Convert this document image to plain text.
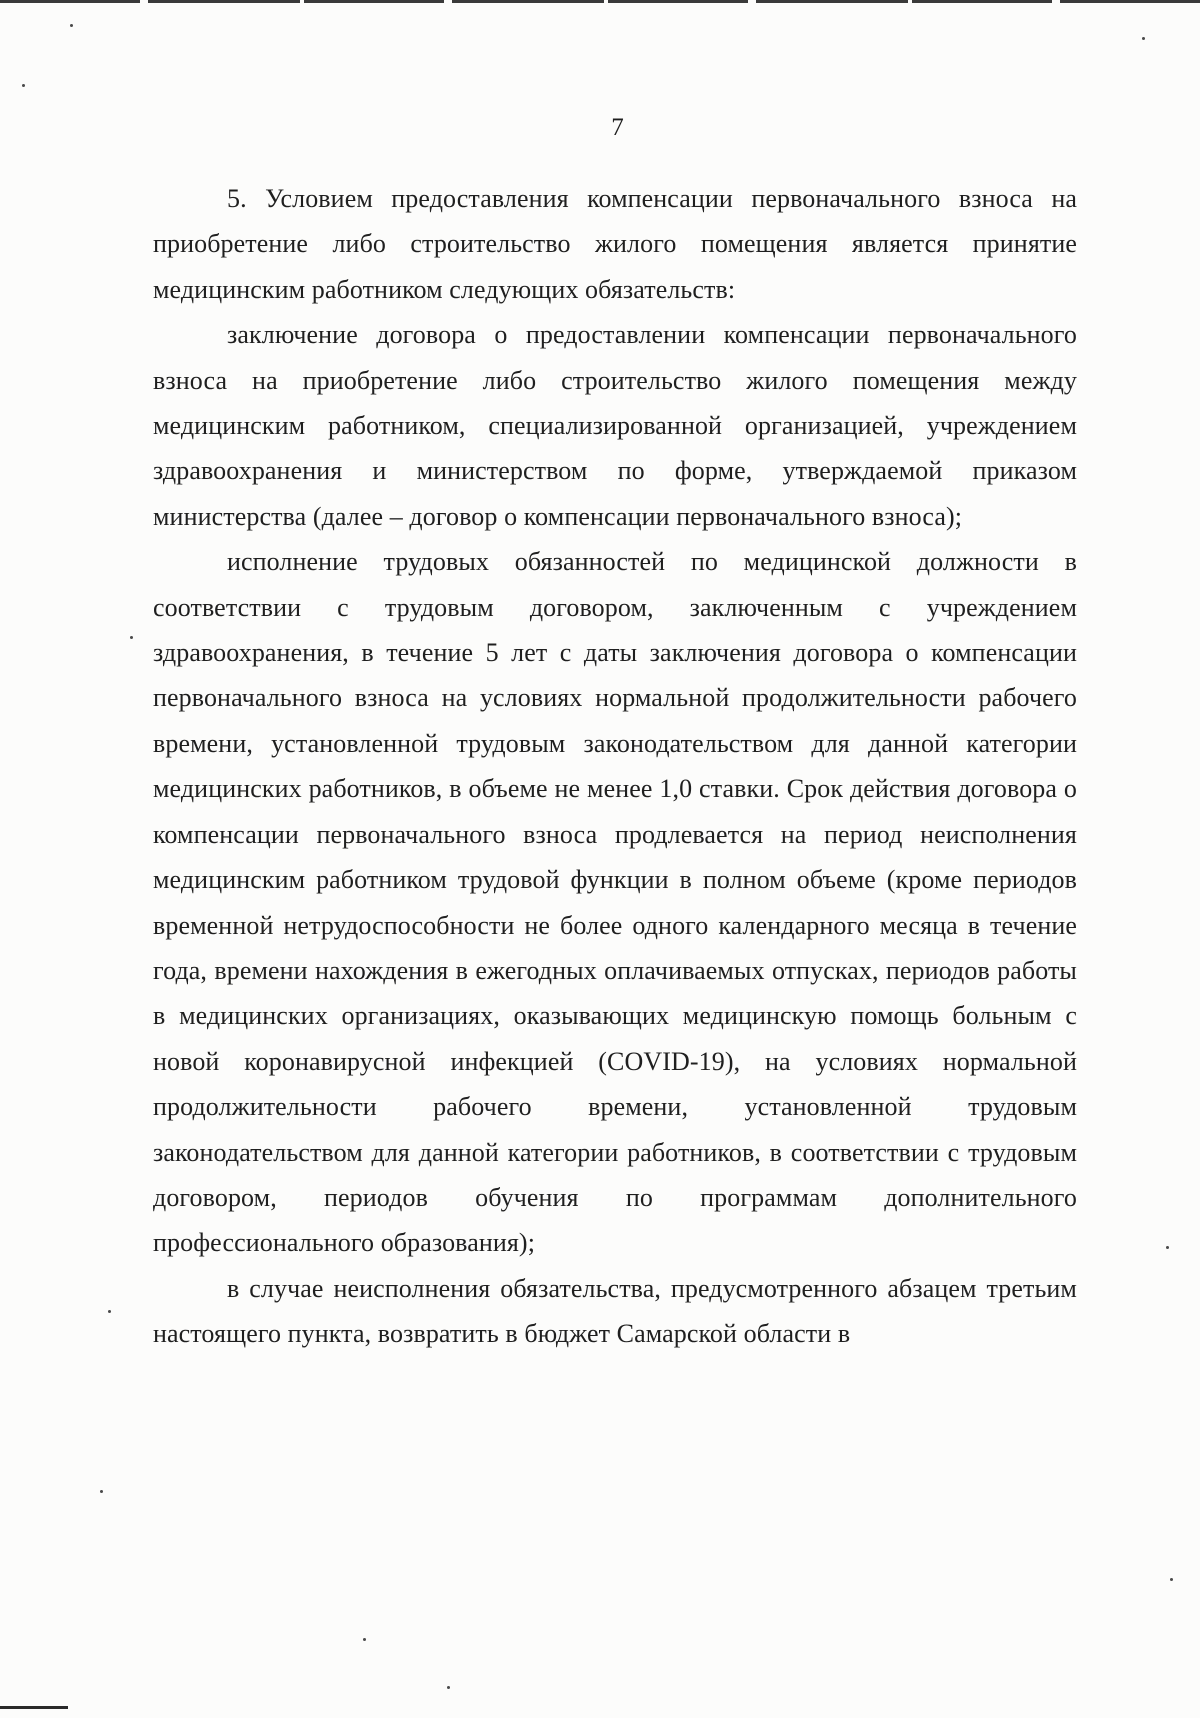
7

5. Условием предоставления компенсации первоначального взноса на приобретение либо строительство жилого помещения является принятие медицинским работником следующих обязательств:

заключение договора о предоставлении компенсации первоначального взноса на приобретение либо строительство жилого помещения между медицинским работником, специализированной организацией, учреждением здравоохранения и министерством по форме, утверждаемой приказом министерства (далее – договор о компенсации первоначального взноса);

исполнение трудовых обязанностей по медицинской должности в соответствии с трудовым договором, заключенным с учреждением здравоохранения, в течение 5 лет с даты заключения договора о компенсации первоначального взноса на условиях нормальной продолжительности рабочего времени, установленной трудовым законодательством для данной категории медицинских работников, в объеме не менее 1,0 ставки. Срок действия договора о компенсации первоначального взноса продлевается на период неисполнения медицинским работником трудовой функции в полном объеме (кроме периодов временной нетрудоспособности не более одного календарного месяца в течение года, времени нахождения в ежегодных оплачиваемых отпусках, периодов работы в медицинских организациях, оказывающих медицинскую помощь больным с новой коронавирусной инфекцией (COVID-19), на условиях нормальной продолжительности рабочего времени, установленной трудовым законодательством для данной категории работников, в соответствии с трудовым договором, периодов обучения по программам дополнительного профессионального образования);

в случае неисполнения обязательства, предусмотренного абзацем третьим настоящего пункта, возвратить в бюджет Самарской области в
